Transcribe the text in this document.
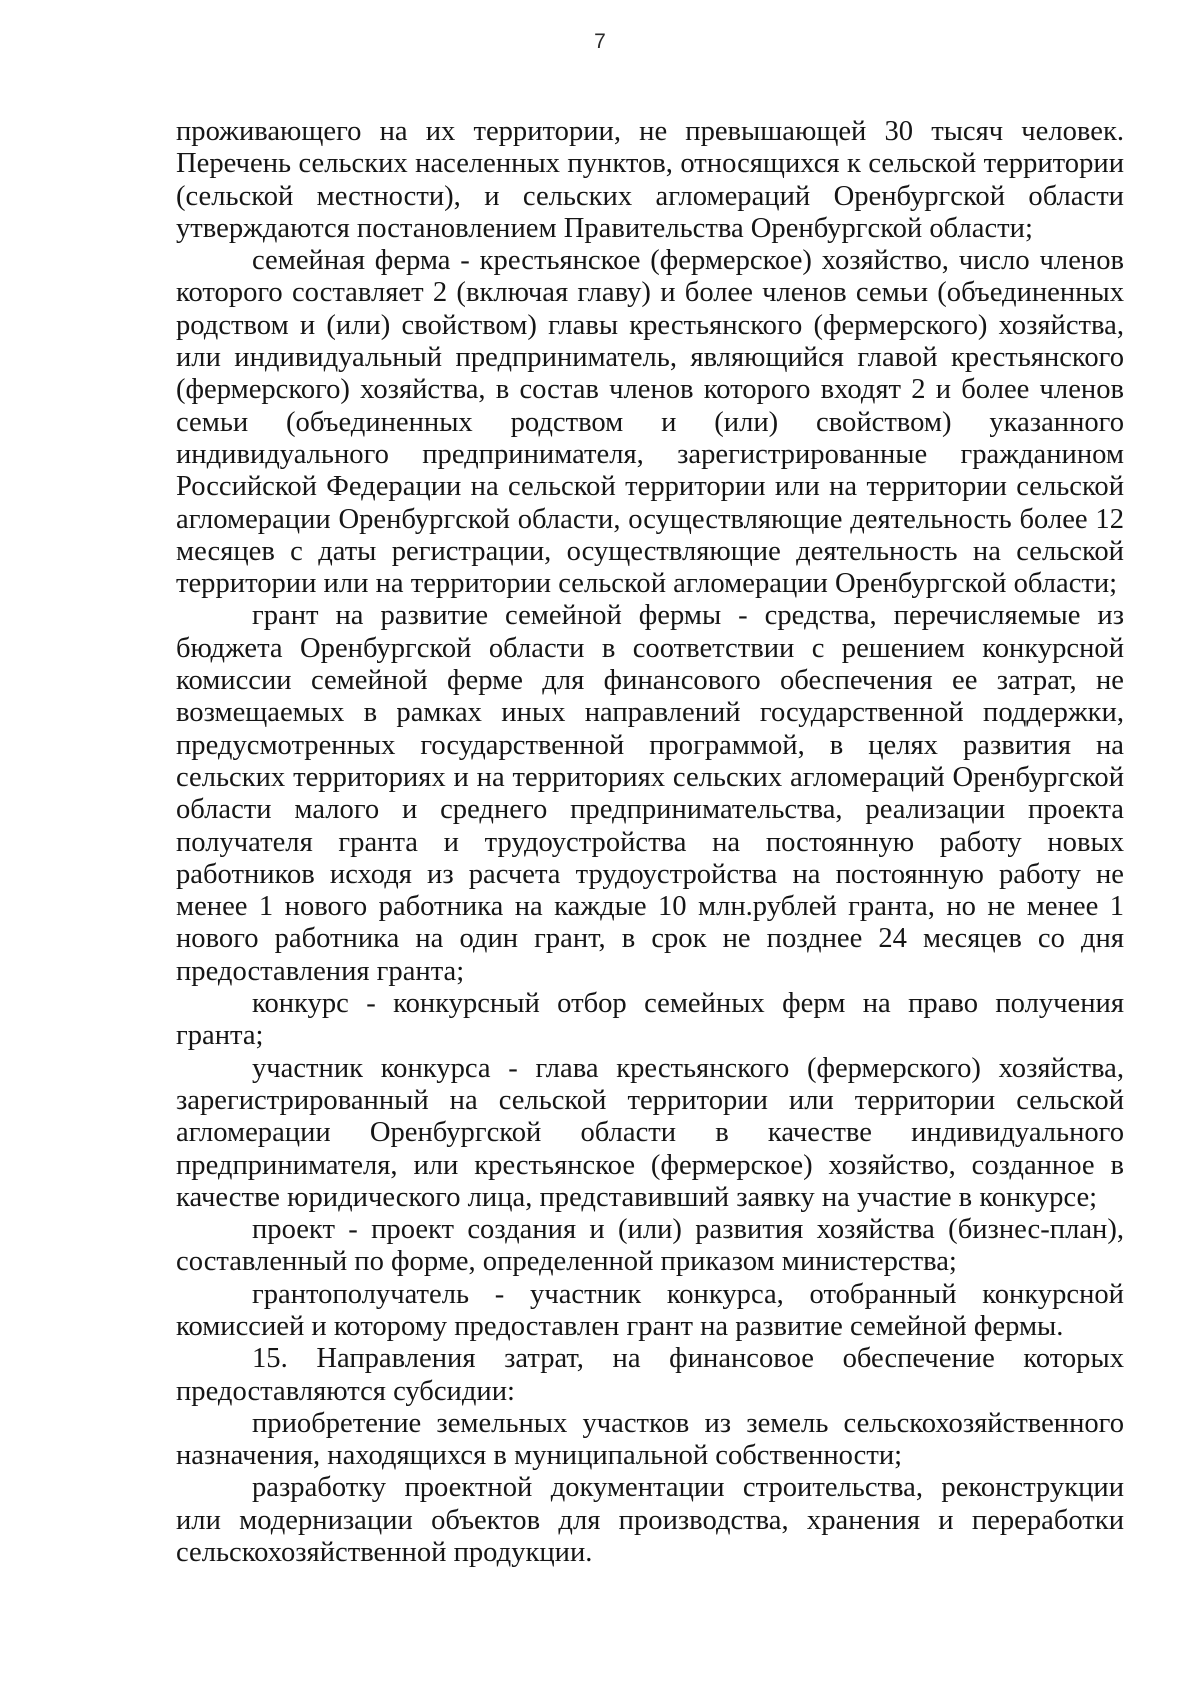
7

проживающего на их территории, не превышающей 30 тысяч человек. Перечень сельских населенных пунктов, относящихся к сельской территории (сельской местности), и сельских агломераций Оренбургской области утверждаются постановлением Правительства Оренбургской области;

семейная ферма - крестьянское (фермерское) хозяйство, число членов которого составляет 2 (включая главу) и более членов семьи (объединенных родством и (или) свойством) главы крестьянского (фермерского) хозяйства, или индивидуальный предприниматель, являющийся главой крестьянского (фермерского) хозяйства, в состав членов которого входят 2 и более членов семьи (объединенных родством и (или) свойством) указанного индивидуального предпринимателя, зарегистрированные гражданином Российской Федерации на сельской территории или на территории сельской агломерации Оренбургской области, осуществляющие деятельность более 12 месяцев с даты регистрации, осуществляющие деятельность на сельской территории или на территории сельской агломерации Оренбургской области;

грант на развитие семейной фермы - средства, перечисляемые из бюджета Оренбургской области в соответствии с решением конкурсной комиссии семейной ферме для финансового обеспечения ее затрат, не возмещаемых в рамках иных направлений государственной поддержки, предусмотренных государственной программой, в целях развития на сельских территориях и на территориях сельских агломераций Оренбургской области малого и среднего предпринимательства, реализации проекта получателя гранта и трудоустройства на постоянную работу новых работников исходя из расчета трудоустройства на постоянную работу не менее 1 нового работника на каждые 10 млн.рублей гранта, но не менее 1 нового работника на один грант, в срок не позднее 24 месяцев со дня предоставления гранта;

конкурс - конкурсный отбор семейных ферм на право получения гранта;

участник конкурса - глава крестьянского (фермерского) хозяйства, зарегистрированный на сельской территории или территории сельской агломерации Оренбургской области в качестве индивидуального предпринимателя, или крестьянское (фермерское) хозяйство, созданное в качестве юридического лица, представивший заявку на участие в конкурсе;

проект - проект создания и (или) развития хозяйства (бизнес-план), составленный по форме, определенной приказом министерства;

грантополучатель - участник конкурса, отобранный конкурсной комиссией и которому предоставлен грант на развитие семейной фермы.

15. Направления затрат, на финансовое обеспечение которых предоставляются субсидии:

приобретение земельных участков из земель сельскохозяйственного назначения, находящихся в муниципальной собственности;

разработку проектной документации строительства, реконструкции или модернизации объектов для производства, хранения и переработки сельскохозяйственной продукции.
